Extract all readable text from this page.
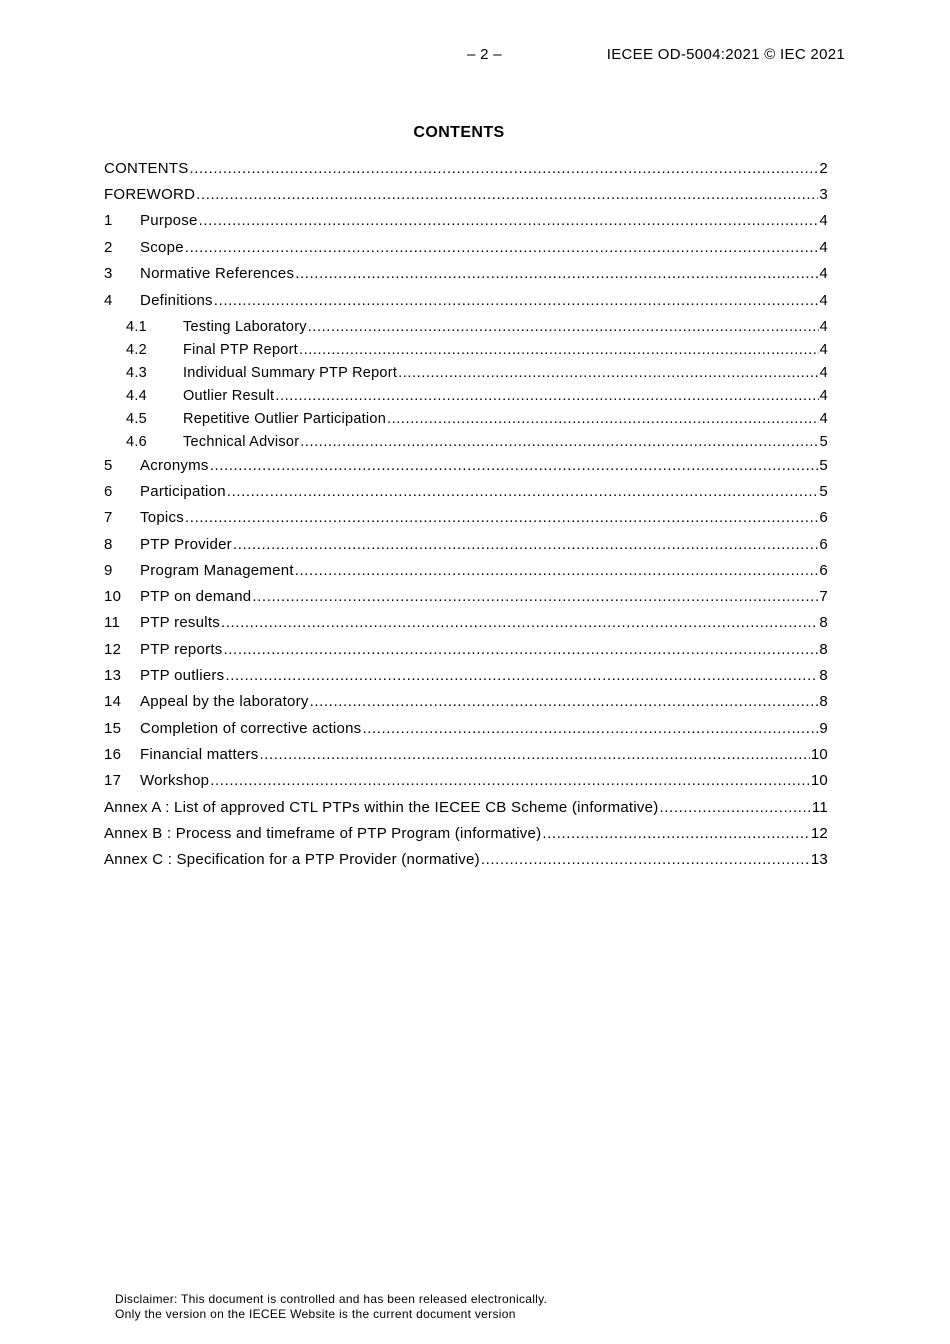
– 2 –	IECEE OD-5004:2021 © IEC 2021
CONTENTS
CONTENTS .....	2
FOREWORD .....	3
1	Purpose .....	4
2	Scope .....	4
3	Normative References .....	4
4	Definitions .....	4
4.1	Testing Laboratory .....	4
4.2	Final PTP Report .....	4
4.3	Individual Summary PTP Report .....	4
4.4	Outlier Result .....	4
4.5	Repetitive Outlier Participation .....	4
4.6	Technical Advisor .....	5
5	Acronyms .....	5
6	Participation .....	5
7	Topics .....	6
8	PTP Provider .....	6
9	Program Management .....	6
10	PTP on demand .....	7
11	PTP results .....	8
12	PTP reports .....	8
13	PTP outliers .....	8
14	Appeal by the laboratory .....	8
15	Completion of corrective actions .....	9
16	Financial matters .....	10
17	Workshop .....	10
Annex A : List of approved CTL PTPs within the IECEE CB Scheme (informative) .....	11
Annex B : Process and timeframe of PTP Program (informative) .....	12
Annex C : Specification for a PTP Provider (normative) .....	13
Disclaimer: This document is controlled and has been released electronically.
Only the version on the IECEE Website is the current document version
